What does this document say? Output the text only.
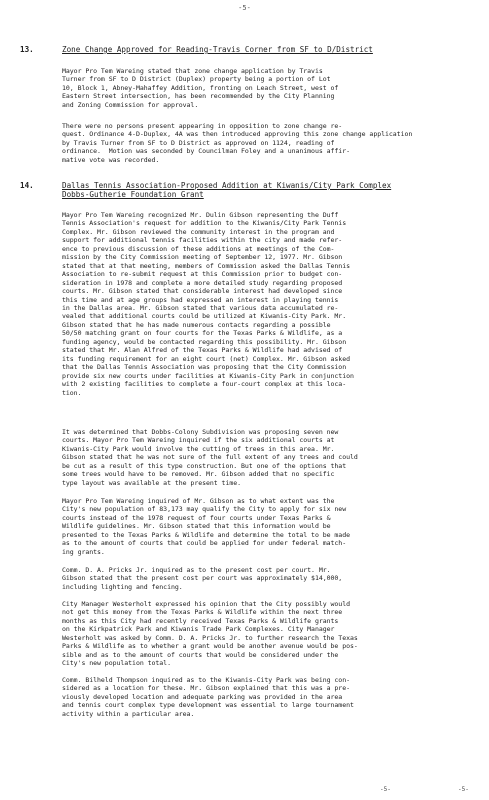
-5-
13.	Zone Change Approved for Reading-Travis Corner from SF to D/District
Mayor Pro Tem Wareing stated that zone change application by Travis
Turner from SF to D District (Duplex) property being a portion of Lot
10, Block 1, Abney-Mahaffey Addition, fronting on Leach Street, west of
Eastern Street intersection, has been recommended by the City Planning
and Zoning Commission for approval.
There were no persons present appearing in opposition to zone change re-
quest. Ordinance 4-D-Duplex, 4A was then introduced approving this zone change application
by Travis Turner from SF to D District as approved on 1124, reading of
ordinance.  Motion was seconded by Councilman Foley and a unanimous affir-
mative vote was recorded.
14.	Dallas Tennis Association-Proposed Addition at Kiwanis/City Park Complex
Dobbs-Gutherie Foundation Grant
Mayor Pro Tem Wareing recognized Mr. Dulin Gibson representing the Duff
Tennis Association's request for addition to the Kiwanis/City Park Tennis
Complex. Mr. Gibson reviewed the community interest in the program and
support for additional tennis facilities within the city and made refer-
ence to previous discussion of these additions at meetings of the Com-
mission by the City Commission meeting of September 12, 1977. Mr. Gibson
stated that at that meeting, members of Commission asked the Dallas Tennis
Association to re-submit request at this Commission prior to budget con-
sideration in 1978 and complete a more detailed study regarding proposed
courts. Mr. Gibson stated that considerable interest had developed since
this time and at age groups had expressed an interest in playing tennis
in the Dallas area. Mr. Gibson stated that various data accumulated re-
vealed that additional courts could be utilized at Kiwanis-City Park. Mr.
Gibson stated that he has made numerous contacts regarding a possible
50/50 matching grant on four courts for the Texas Parks & Wildlife, as a
funding agency, would be contacted regarding this possibility. Mr. Gibson
stated that Mr. Alan Alfred of the Texas Parks & Wildlife had advised of
its funding requirement for an eight court (net) Complex. Mr. Gibson asked
that the Dallas Tennis Association was proposing that the City Commission
provide six new courts under facilities at Kiwanis-City Park in conjunction
with 2 existing facilities to complete a four-court complex at this loca-
tion.
It was determined that Dobbs-Colony Subdivision was proposing seven new
courts. Mayor Pro Tem Wareing inquired if the six additional courts at
Kiwanis-City Park would involve the cutting of trees in this area. Mr.
Gibson stated that he was not sure of the full extent of any trees and could
be cut as a result of this type construction. But one of the options that
some trees would have to be removed. Mr. Gibson added that no specific
type layout was available at the present time.
Mayor Pro Tem Wareing inquired of Mr. Gibson as to what extent was the
City's new population of 83,173 may qualify the City to apply for six new
courts instead of the 1978 request of four courts under Texas Parks &
Wildlife guidelines. Mr. Gibson stated that this information would be
presented to the Texas Parks & Wildlife and determine the total to be made
as to the amount of courts that could be applied for under federal match-
ing grants.
Comm. D. A. Pricks Jr. inquired as to the present cost per court. Mr.
Gibson stated that the present cost per court was approximately $14,000,
including lighting and fencing.
City Manager Westerholt expressed his opinion that the City possibly would
not get this money from the Texas Parks & Wildlife within the next three
months as this City had recently received Texas Parks & Wildlife grants
on the Kirkpatrick Park and Kiwanis Trade Park Complexes. City Manager
Westerholt was asked by Comm. D. A. Pricks Jr. to further research the Texas
Parks & Wildlife as to whether a grant would be another avenue would be pos-
sible and as to the amount of courts that would be considered under the
City's new population total.
Comm. Bilheld Thompson inquired as to the Kiwanis-City Park was being con-
sidered as a location for these. Mr. Gibson explained that this was a pre-
viously developed location and adequate parking was provided in the area
and tennis court complex type development was essential to large tournament
activity within a particular area.
-5-	-5-
